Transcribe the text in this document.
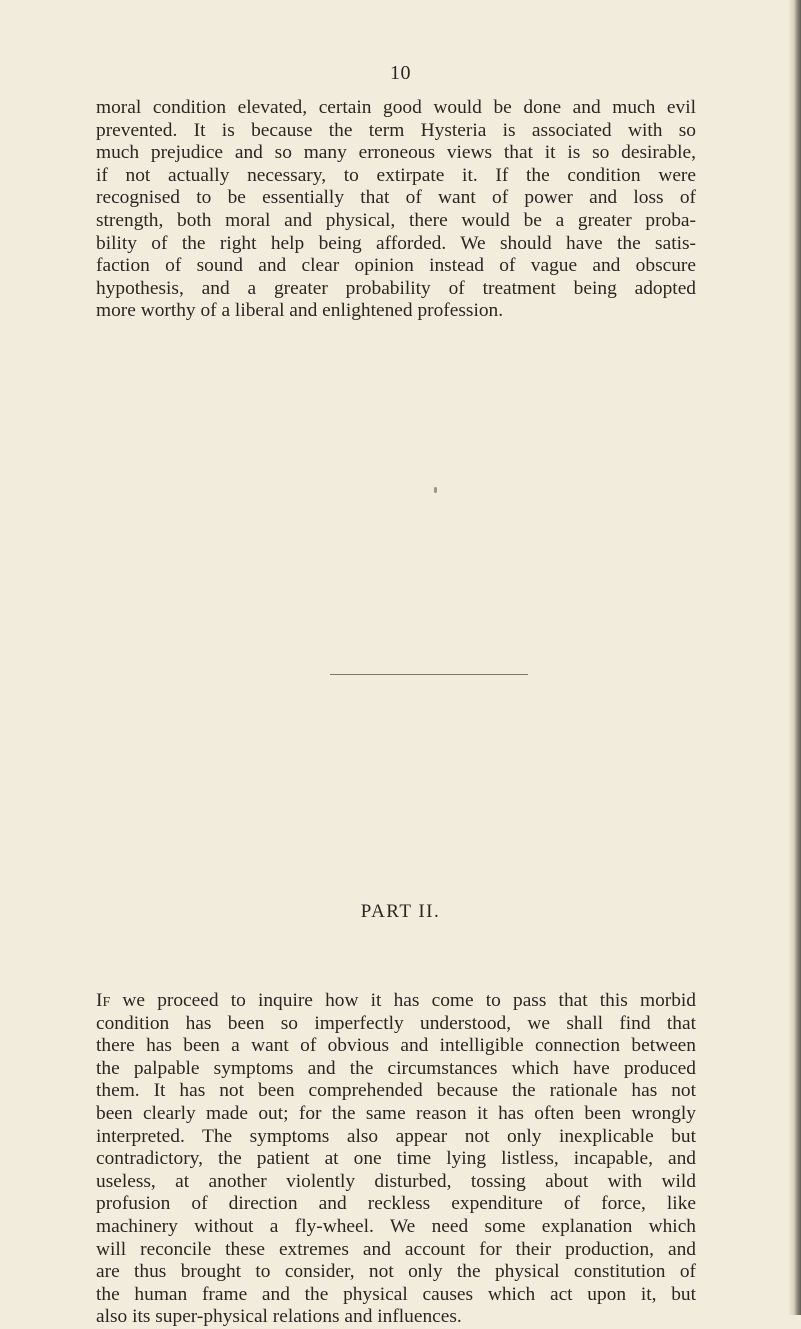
10

moral condition elevated, certain good would be done and much evil
prevented. It is because the term Hysteria is associated with so
much prejudice and so many erroneous views that it is so desirable,
if not actually necessary, to extirpate it. If the condition were
recognised to be essentially that of want of power and loss of
strength, both moral and physical, there would be a greater proba-
bility of the right help being afforded. We should have the satis-
faction of sound and clear opinion instead of vague and obscure
hypothesis, and a greater probability of treatment being adopted
more worthy of a liberal and enlightened profession.

PART II.

If we proceed to inquire how it has come to pass that this morbid
condition has been so imperfectly understood, we shall find that
there has been a want of obvious and intelligible connection between
the palpable symptoms and the circumstances which have produced
them. It has not been comprehended because the rationale has not
been clearly made out; for the same reason it has often been wrongly
interpreted. The symptoms also appear not only inexplicable but
contradictory, the patient at one time lying listless, incapable, and
useless, at another violently disturbed, tossing about with wild
profusion of direction and reckless expenditure of force, like
machinery without a fly-wheel. We need some explanation which
will reconcile these extremes and account for their production, and
are thus brought to consider, not only the physical constitution of
the human frame and the physical causes which act upon it, but
also its super-physical relations and influences.
